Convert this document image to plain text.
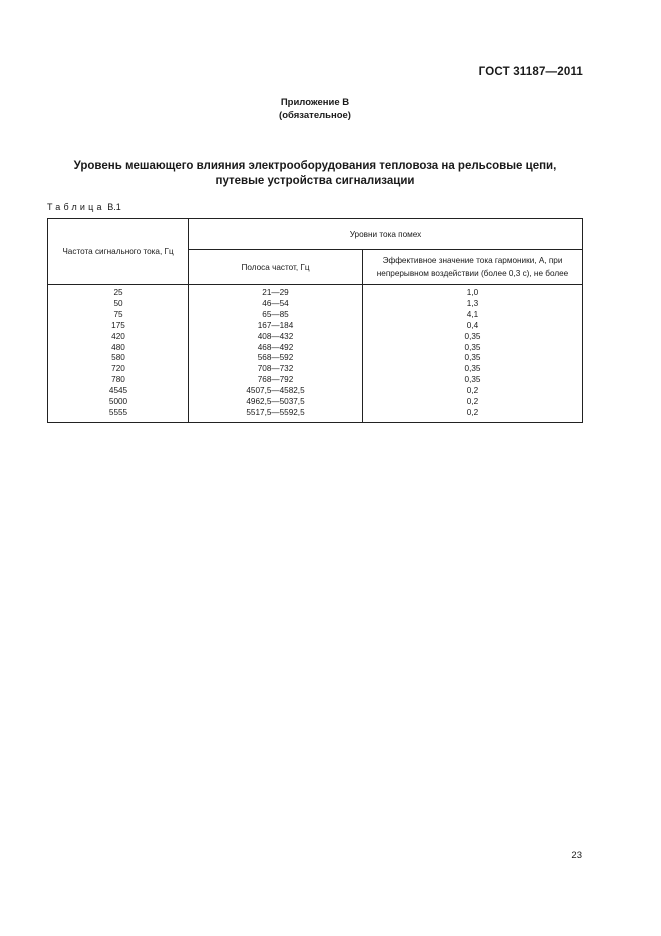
ГОСТ 31187—2011
Приложение В
(обязательное)
Уровень мешающего влияния электрооборудования тепловоза на рельсовые цепи,
путевые устройства сигнализации
Таблица В.1
Частота сигнального тока, Гц	Уровни тока помех	
	Полоса частот, Гц	Эффективное значение тока гармоники, А, при непрерывном воздействии (более 0,3 с), не более
25	21—29	1,0
50	46—54	1,3
75	65—85	4,1
175	167—184	0,4
420	408—432	0,35
480	468—492	0,35
580	568—592	0,35
720	708—732	0,35
780	768—792	0,35
4545	4507,5—4582,5	0,2
5000	4962,5—5037,5	0,2
5555	5517,5—5592,5	0,2
23
